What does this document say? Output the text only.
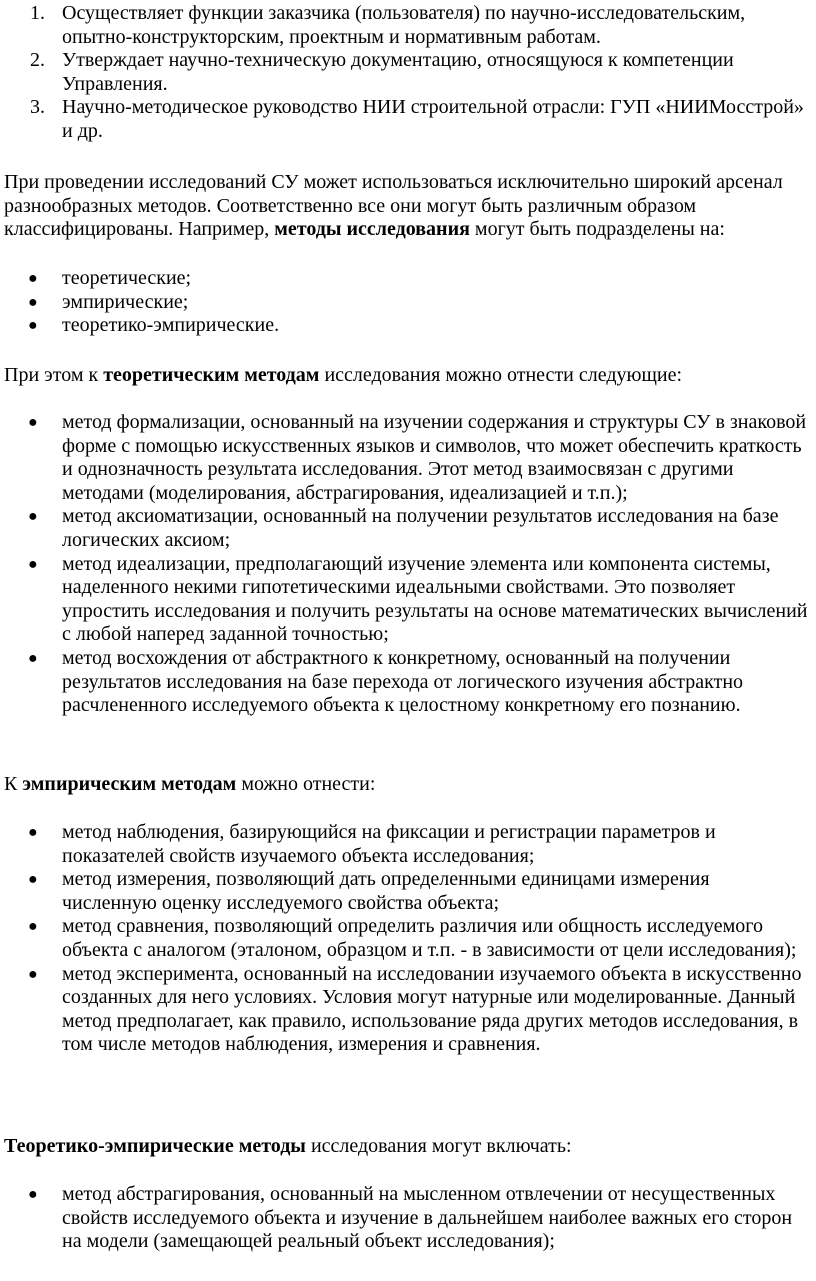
1. Осуществляет функции заказчика (пользователя) по научно-исследовательским, опытно-конструкторским, проектным и нормативным работам.
2. Утверждает научно-техническую документацию, относящуюся к компетенции Управления.
3. Научно-методическое руководство НИИ строительной отрасли: ГУП «НИИМосстрой» и др.

При проведении исследований СУ может использоваться исключительно широкий арсенал разнообразных методов. Соответственно все они могут быть различным образом классифицированы. Например, методы исследования могут быть подразделены на:

● теоретические;
● эмпирические;
● теоретико-эмпирические.

При этом к теоретическим методам исследования можно отнести следующие:

● метод формализации, основанный на изучении содержания и структуры СУ в знаковой форме с помощью искусственных языков и символов, что может обеспечить краткость и однозначность результата исследования. Этот метод взаимосвязан с другими методами (моделирования, абстрагирования, идеализацией и т.п.);
● метод аксиоматизации, основанный на получении результатов исследования на базе логических аксиом;
● метод идеализации, предполагающий изучение элемента или компонента системы, наделенного некими гипотетическими идеальными свойствами. Это позволяет упростить исследования и получить результаты на основе математических вычислений с любой наперед заданной точностью;
● метод восхождения от абстрактного к конкретному, основанный на получении результатов исследования на базе перехода от логического изучения абстрактно расчлененного исследуемого объекта к целостному конкретному его познанию.

К эмпирическим методам можно отнести:

● метод наблюдения, базирующийся на фиксации и регистрации параметров и показателей свойств изучаемого объекта исследования;
● метод измерения, позволяющий дать определенными единицами измерения численную оценку исследуемого свойства объекта;
● метод сравнения, позволяющий определить различия или общность исследуемого объекта с аналогом (эталоном, образцом и т.п. - в зависимости от цели исследования);
● метод эксперимента, основанный на исследовании изучаемого объекта в искусственно созданных для него условиях. Условия могут натурные или моделированные. Данный метод предполагает, как правило, использование ряда других методов исследования, в том числе методов наблюдения, измерения и сравнения.

Теоретико-эмпирические методы исследования могут включать:

● метод абстрагирования, основанный на мысленном отвлечении от несущественных свойств исследуемого объекта и изучение в дальнейшем наиболее важных его сторон на модели (замещающей реальный объект исследования);
